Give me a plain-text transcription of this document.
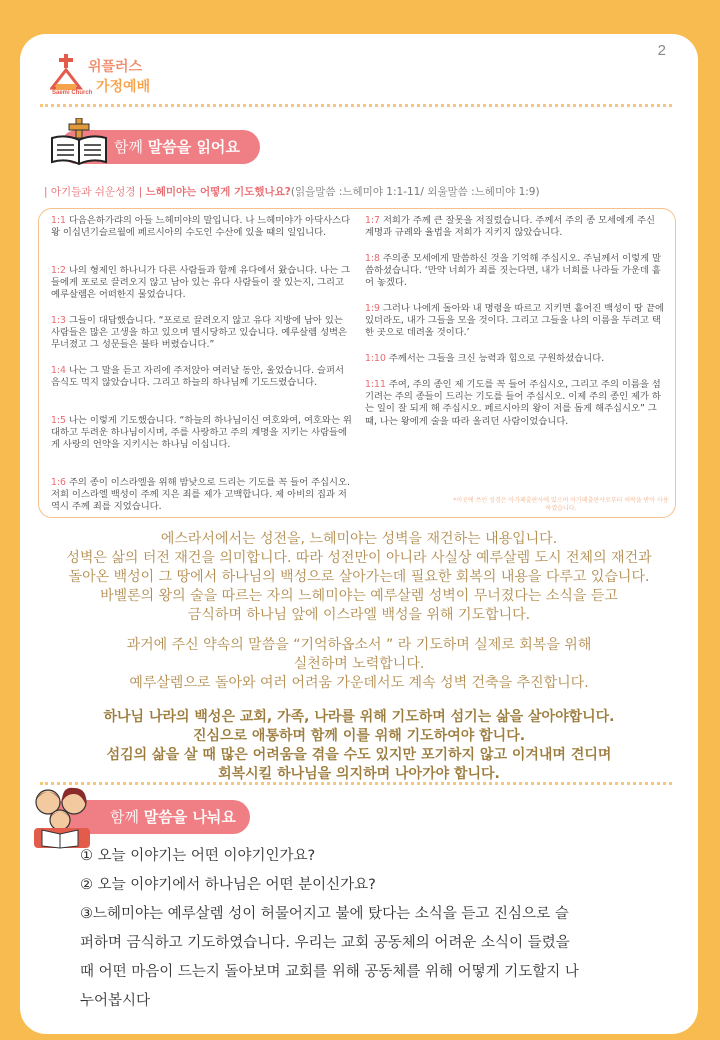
2
위플러스
가정예배
Saemi Church
함께 말씀을 읽어요
| 아기들과 쉬운성경 | 느헤미야는 어떻게 기도했나요?(읽을말씀 :느헤미야 1:1-11/ 외울말씀 :느헤미야 1:9)

1:1 다음은하가랴의 아들 느헤미야의 말입니다. 나 느헤미야가 아닥사스다 왕 이십년기슬르월에 페르시아의 수도인 수산에 있을 때의 일입니다.

1:2 나의 형제인 하나니가 다른 사람들과 함께 유다에서 왔습니다. 나는 그들에게 포로로 끌려오지 않고 남아 있는 유다 사람들이 잘 있는지, 그리고 예루살렘은 어떠한지 물었습니다.

1:3 그들이 대답했습니다. “포로로 끌려오지 않고 유다 지방에 남아 있는 사람들은 많은 고생을 하고 있으며 멸시당하고 있습니다. 예루살렘 성벽은 무너졌고 그 성문들은 불타 버렸습니다.”

1:4 나는 그 말을 듣고 자리에 주저앉아 여러날 동안, 울었습니다. 슬퍼서 음식도 먹지 않았습니다. 그리고 하늘의 하나님께 기도드렸습니다.

1:5 나는 이렇게 기도했습니다. “하늘의 하나님이신 여호와여, 여호와는 위대하고 두려운 하나님이시며, 주를 사랑하고 주의 계명을 지키는 사람들에게 사랑의 언약을 지키시는 하나님 이십니다.

1:6 주의 종이 이스라엘을 위해 밤낮으로 드리는 기도를 꼭 들어 주십시오. 저희 이스라엘 백성이 주께 지은 죄를 제가 고백합니다. 제 아비의 집과 저 역시 주께 죄를 지었습니다.

1:7 저희가 주께 큰 잘못을 저질렀습니다. 주께서 주의 종 모세에게 주신 계명과 규례와 율법을 저희가 지키지 않았습니다.

1:8 주의종 모세에게 말씀하신 것을 기억해 주십시오. 주님께서 이렇게 말씀하셨습니다. ‘만약 너희가 죄를 짓는다면, 내가 너희를 나라들 가운데 흩어 놓겠다.

1:9 그러나 나에게 돌아와 내 명령을 따르고 지키면 흩어진 백성이 땅 끝에 있더라도, 내가 그들을 모을 것이다. 그리고 그들을 나의 이름을 두려고 택한 곳으로 데려올 것이다.’

1:10 주께서는 그들을 크신 능력과 힘으로 구원하셨습니다.

1:11 주여, 주의 종인 제 기도를 꼭 들어 주십시오, 그리고 주의 이름을 섬기려는 주의 종들이 드리는 기도를 들어 주십시오. 이제 주의 종인 제가 하는 일이 잘 되게 해 주십시오. 페르시아의 왕이 저를 돕게 해주십시오” 그때, 나는 왕에게 술을 따라 올리던 사람이었습니다.

*이곳에 쓰인 성경은 아가페출판사에 있으며 아가페출판사로부터 허락을 받아 사용하였습니다.
에스라서에서는 성전을, 느헤미야는 성벽을 재건하는 내용입니다.
성벽은 삶의 터전 재건을 의미합니다. 따라 성전만이 아니라 사실상 예루살렘 도시 전체의 재건과
돌아온 백성이 그 땅에서 하나님의 백성으로 살아가는데 필요한 회복의 내용을 다루고 있습니다.
바벨론의 왕의 술을 따르는 자의 느헤미야는 예루살렘 성벽이 무너졌다는 소식을 듣고
금식하며 하나님 앞에 이스라엘 백성을 위해 기도합니다.
과거에 주신 약속의 말씀을 “기억하옵소서 ” 라 기도하며 실제로 회복을 위해
실천하며 노력합니다.
예루살렘으로 돌아와 여러 어려움 가운데서도 계속 성벽 건축을 추진합니다.
하나님 나라의 백성은 교회, 가족, 나라를 위해 기도하며 섬기는 삶을 살아야합니다.
진심으로 애통하며 함께 이를 위해 기도하여야 합니다.
섬김의 삶을 살 때 많은 어려움을 겪을 수도 있지만 포기하지 않고 이겨내며 견디며
회복시킬 하나님을 의지하며 나아가야 합니다.
함께 말씀을 나눠요

① 오늘 이야기는 어떤 이야기인가요?

② 오늘 이야기에서 하나님은 어떤 분이신가요?

③느헤미야는 예루살렘 성이 허물어지고 불에 탔다는 소식을 듣고 진심으로 슬

퍼하며 금식하고 기도하였습니다. 우리는 교회 공동체의 어려운 소식이 들렸을

때 어떤 마음이 드는지 돌아보며 교회를 위해 공동체를 위해 어떻게 기도할지 나

누어봅시다
